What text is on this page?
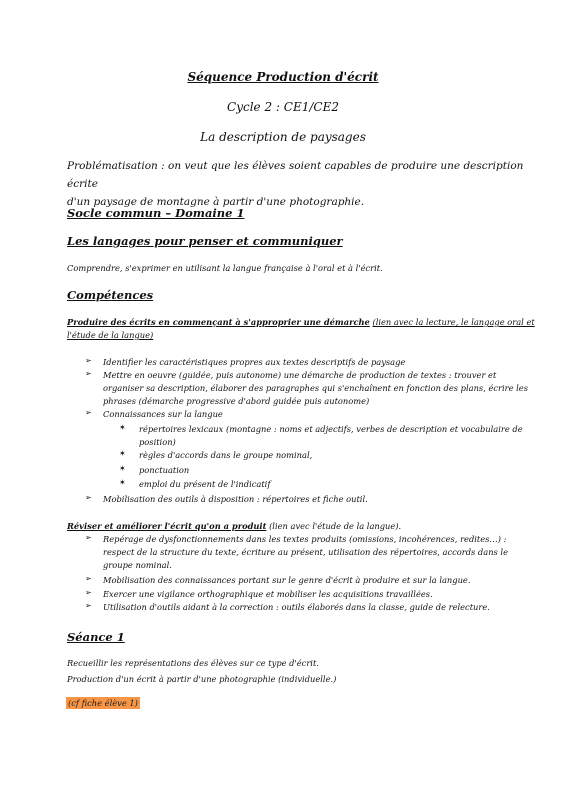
Séquence Production d'écrit
Cycle 2 : CE1/CE2
La description de paysages
Problématisation : on veut que les élèves soient capables de produire une description écrite
d'un paysage de montagne à partir d'une photographie.
Socle commun – Domaine 1
Les langages pour penser et communiquer
Comprendre, s'exprimer en utilisant la langue française à l'oral et à l'écrit.
Compétences
Produire des écrits en commençant à s'approprier une démarche (lien avec la lecture, le langage oral et
l'étude de la langue)
➢ Identifier les caractéristiques propres aux textes descriptifs de paysage
➢ Mettre en oeuvre (guidée, puis autonome) une démarche de production de textes : trouver et
organiser sa description, élaborer des paragraphes qui s'enchaînent en fonction des plans, écrire les
phrases (démarche progressive d'abord guidée puis autonome)
➢ Connaissances sur la langue
✶ répertoires lexicaux (montagne : noms et adjectifs, verbes de description et vocabulaire de
position)
✶ règles d'accords dans le groupe nominal,
✶ ponctuation
✶ emploi du présent de l'indicatif
➢ Mobilisation des outils à disposition : répertoires et fiche outil.
Réviser et améliorer l'écrit qu'on a produit (lien avec l'étude de la langue).
➢ Repérage de dysfonctionnements dans les textes produits (omissions, incohérences, redites…) :
respect de la structure du texte, écriture au présent, utilisation des répertoires, accords dans le
groupe nominal.
➢ Mobilisation des connaissances portant sur le genre d'écrit à produire et sur la langue.
➢ Exercer une vigilance orthographique et mobiliser les acquisitions travaillées.
➢ Utilisation d'outils aidant à la correction : outils élaborés dans la classe, guide de relecture.
Séance 1
Recueillir les représentations des élèves sur ce type d'écrit.
Production d'un écrit à partir d'une photographie (individuelle.)
(cf fiche élève 1)
